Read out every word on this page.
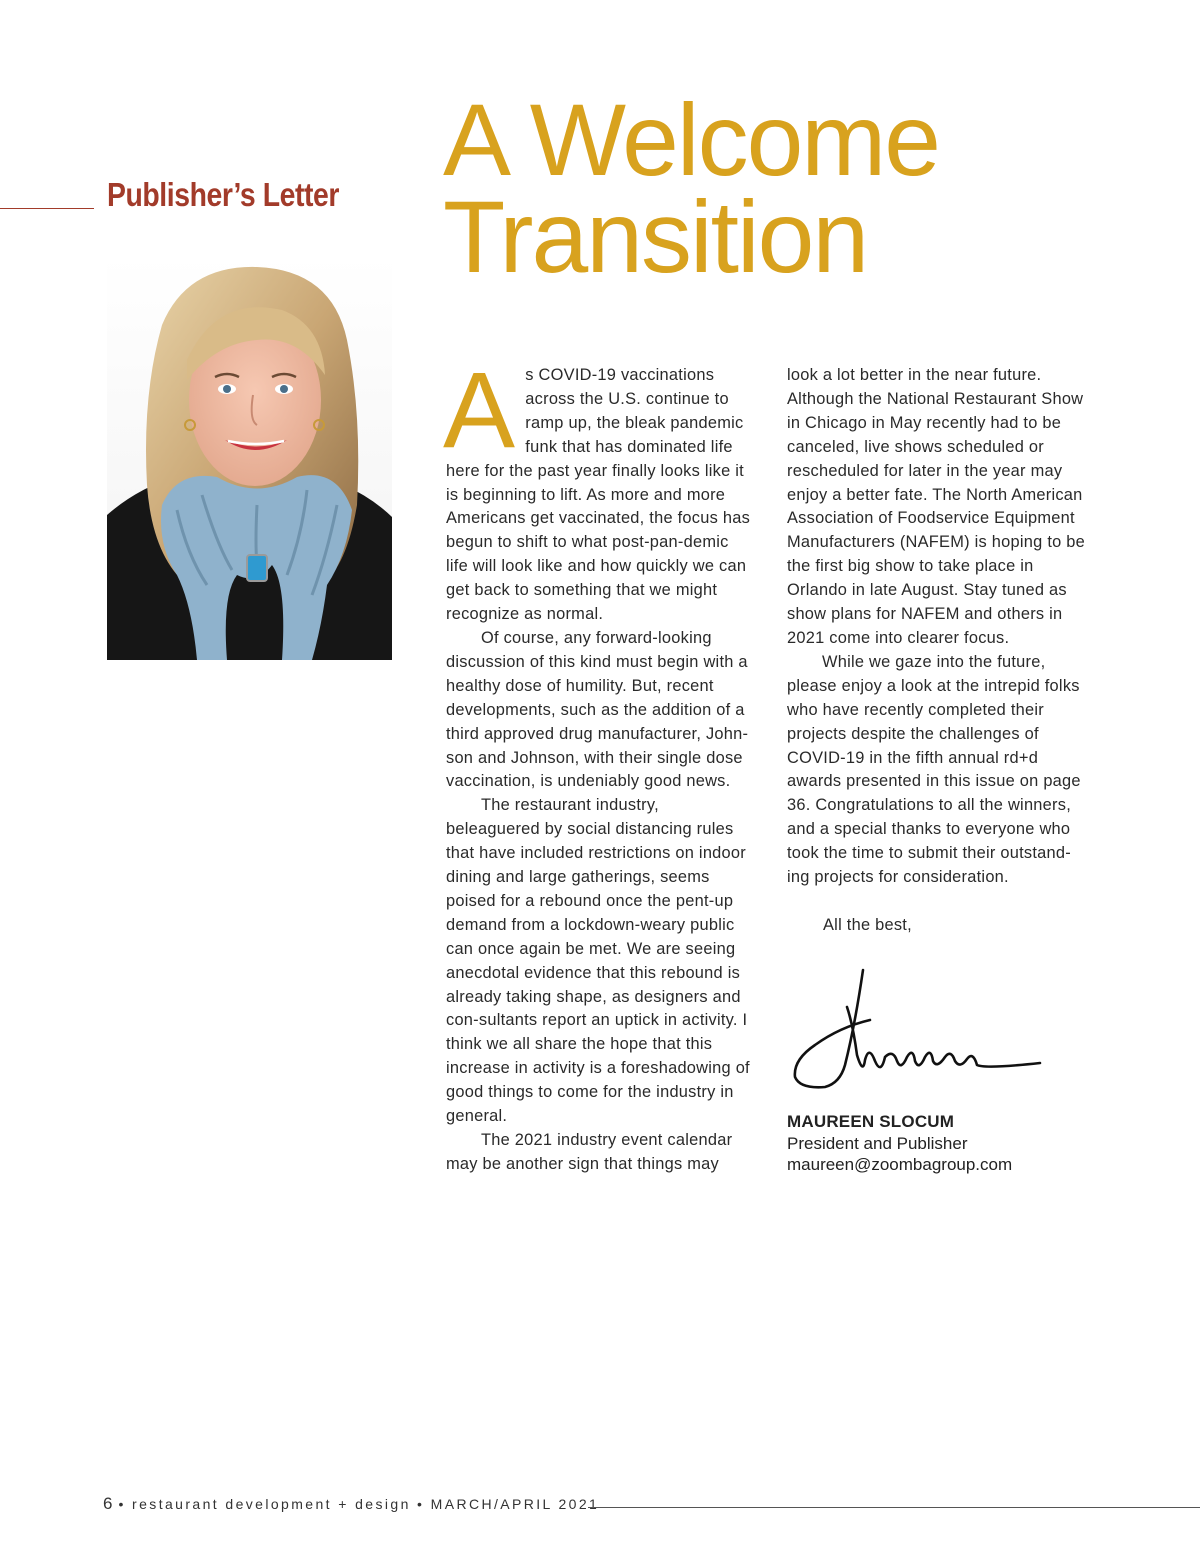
Publisher’s Letter A Welcome
Transition
A s COVID-19 vaccinations across the U.S. continue to ramp up, the bleak pandemic funk that has dominated life here for the past year finally looks like it is beginning to lift. As more and more Americans get vaccinated, the focus has begun to shift to what post-pan-demic life will look like and how quickly we can get back to something that we might recognize as normal.

Of course, any forward-looking discussion of this kind must begin with a healthy dose of humility. But, recent developments, such as the addition of a third approved drug manufacturer, John-son and Johnson, with their single dose vaccination, is undeniably good news.

The restaurant industry, beleaguered by social distancing rules that have included restrictions on indoor dining and large gatherings, seems poised for a rebound once the pent-up demand from a lockdown-weary public can once again be met. We are seeing anecdotal evidence that this rebound is already taking shape, as designers and con-sultants report an uptick in activity. I think we all share the hope that this increase in activity is a foreshadowing of good things to come for the industry in general.

The 2021 industry event calendar may be another sign that things may

look a lot better in the near future. Although the National Restaurant Show in Chicago in May recently had to be canceled, live shows scheduled or rescheduled for later in the year may enjoy a better fate. The North American Association of Foodservice Equipment Manufacturers (NAFEM) is hoping to be the first big show to take place in Orlando in late August. Stay tuned as show plans for NAFEM and others in 2021 come into clearer focus.

While we gaze into the future, please enjoy a look at the intrepid folks who have recently completed their projects despite the challenges of COVID-19 in the fifth annual rd+d awards presented in this issue on page 36. Congratulations to all the winners, and a special thanks to everyone who took the time to submit their outstand-ing projects for consideration.

All the best,

MAUREEN SLOCUM
President and Publisher
maureen@zoombagroup.com
6 • restaurant development + design • MARCH/APRIL 2021
